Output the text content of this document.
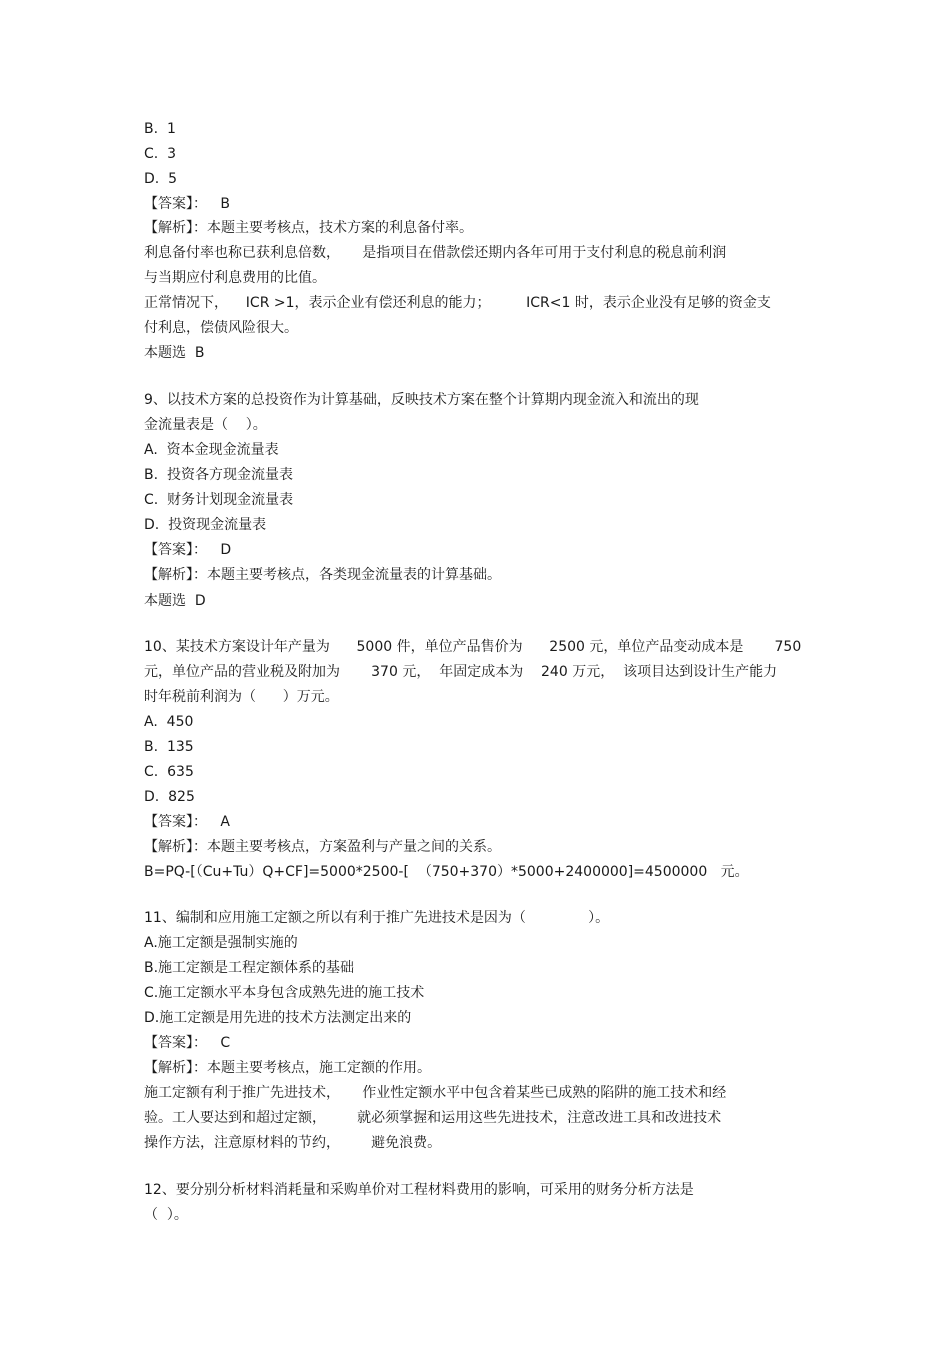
B.  1
C.  3
D.  5
【答案】：   B
【解析】：本题主要考核点，技术方案的利息备付率。
利息备付率也称已获利息倍数，     是指项目在借款偿还期内各年可用于支付利息的税息前利润
与当期应付利息费用的比值。
正常情况下，    ICR >1，表示企业有偿还利息的能力；        ICR<1 时，表示企业没有足够的资金支
付利息，偿债风险很大。
本题选  B
9、以技术方案的总投资作为计算基础，反映技术方案在整个计算期内现金流入和流出的现
金流量表是（    ）。
A.  资本金现金流量表
B.  投资各方现金流量表
C.  财务计划现金流量表
D.  投资现金流量表
【答案】：   D
【解析】：本题主要考核点，各类现金流量表的计算基础。
本题选  D
10、某技术方案设计年产量为      5000 件，单位产品售价为      2500 元，单位产品变动成本是       750
元，单位产品的营业税及附加为       370 元，  年固定成本为    240 万元，  该项目达到设计生产能力
时年税前利润为（      ）万元。
A.  450
B.  135
C.  635
D.  825
【答案】：   A
【解析】：本题主要考核点，方案盈利与产量之间的关系。
B=PQ-[（Cu+Tu）Q+CF]=5000*2500-[  （750+370）*5000+2400000]=4500000   元。
11、编制和应用施工定额之所以有利于推广先进技术是因为（              ）。
A.施工定额是强制实施的
B.施工定额是工程定额体系的基础
C.施工定额水平本身包含成熟先进的施工技术
D.施工定额是用先进的技术方法测定出来的
【答案】：   C
【解析】：本题主要考核点，施工定额的作用。
施工定额有利于推广先进技术，     作业性定额水平中包含着某些已成熟的陷阱的施工技术和经
验。工人要达到和超过定额，       就必须掌握和运用这些先进技术，注意改进工具和改进技术
操作方法，注意原材料的节约，       避免浪费。
12、要分别分析材料消耗量和采购单价对工程材料费用的影响，可采用的财务分析方法是
（  ）。
